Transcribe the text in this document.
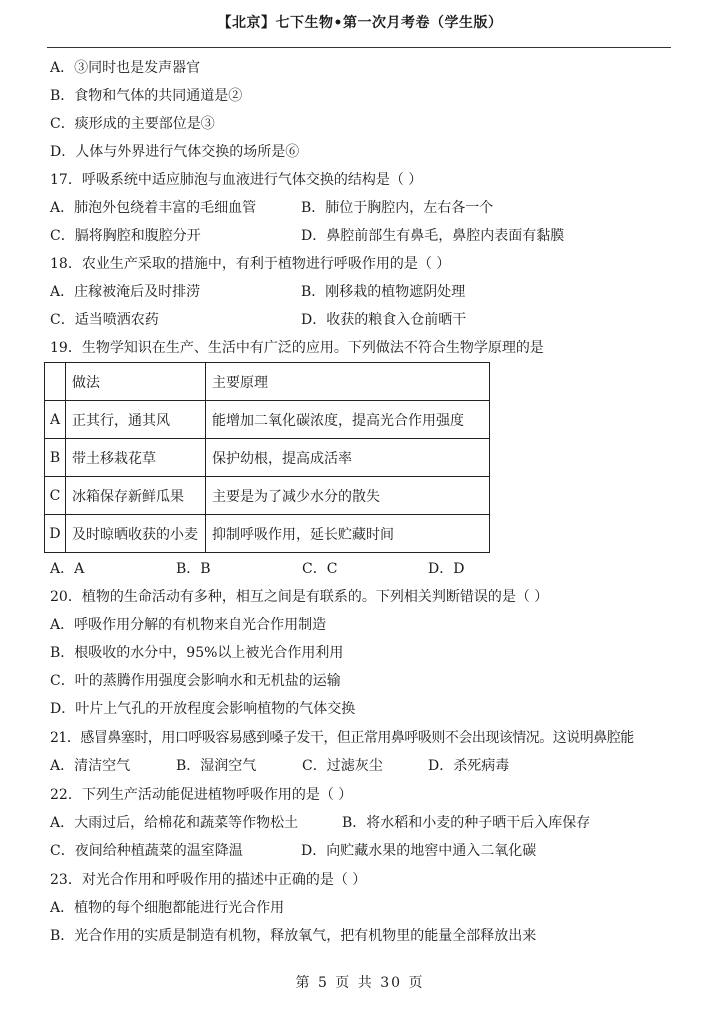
【北京】七下生物•第一次月考卷（学生版）
A．③同时也是发声器官
B．食物和气体的共同通道是②
C．痰形成的主要部位是③
D．人体与外界进行气体交换的场所是⑥
17．呼吸系统中适应肺泡与血液进行气体交换的结构是（ ）
A．肺泡外包绕着丰富的毛细血管	B．肺位于胸腔内，左右各一个
C．膈将胸腔和腹腔分开	D．鼻腔前部生有鼻毛，鼻腔内表面有黏膜
18．农业生产采取的措施中，有利于植物进行呼吸作用的是（ ）
A．庄稼被淹后及时排涝	B．刚移栽的植物遮阴处理
C．适当喷洒农药	D．收获的粮食入仓前晒干
19．生物学知识在生产、生活中有广泛的应用。下列做法不符合生物学原理的是
	做法	主要原理
A	正其行，通其风	能增加二氧化碳浓度，提高光合作用强度
B	带土移栽花草	保护幼根，提高成活率
C	冰箱保存新鲜瓜果	主要是为了减少水分的散失
D	及时晾晒收获的小麦	抑制呼吸作用，延长贮藏时间
A．A	B．B	C．C	D．D
20．植物的生命活动有多种，相互之间是有联系的。下列相关判断错误的是（ ）
A．呼吸作用分解的有机物来自光合作用制造
B．根吸收的水分中，95%以上被光合作用利用
C．叶的蒸腾作用强度会影响水和无机盐的运输
D．叶片上气孔的开放程度会影响植物的气体交换
21．感冒鼻塞时，用口呼吸容易感到嗓子发干，但正常用鼻呼吸则不会出现该情况。这说明鼻腔能
A．清洁空气	B．湿润空气	C．过滤灰尘	D．杀死病毒
22．下列生产活动能促进植物呼吸作用的是（ ）
A．大雨过后，给棉花和蔬菜等作物松土	B．将水稻和小麦的种子晒干后入库保存
C．夜间给种植蔬菜的温室降温	D．向贮藏水果的地窖中通入二氧化碳
23．对光合作用和呼吸作用的描述中正确的是（ ）
A．植物的每个细胞都能进行光合作用
B．光合作用的实质是制造有机物，释放氧气，把有机物里的能量全部释放出来
第 5 页 共 30 页
